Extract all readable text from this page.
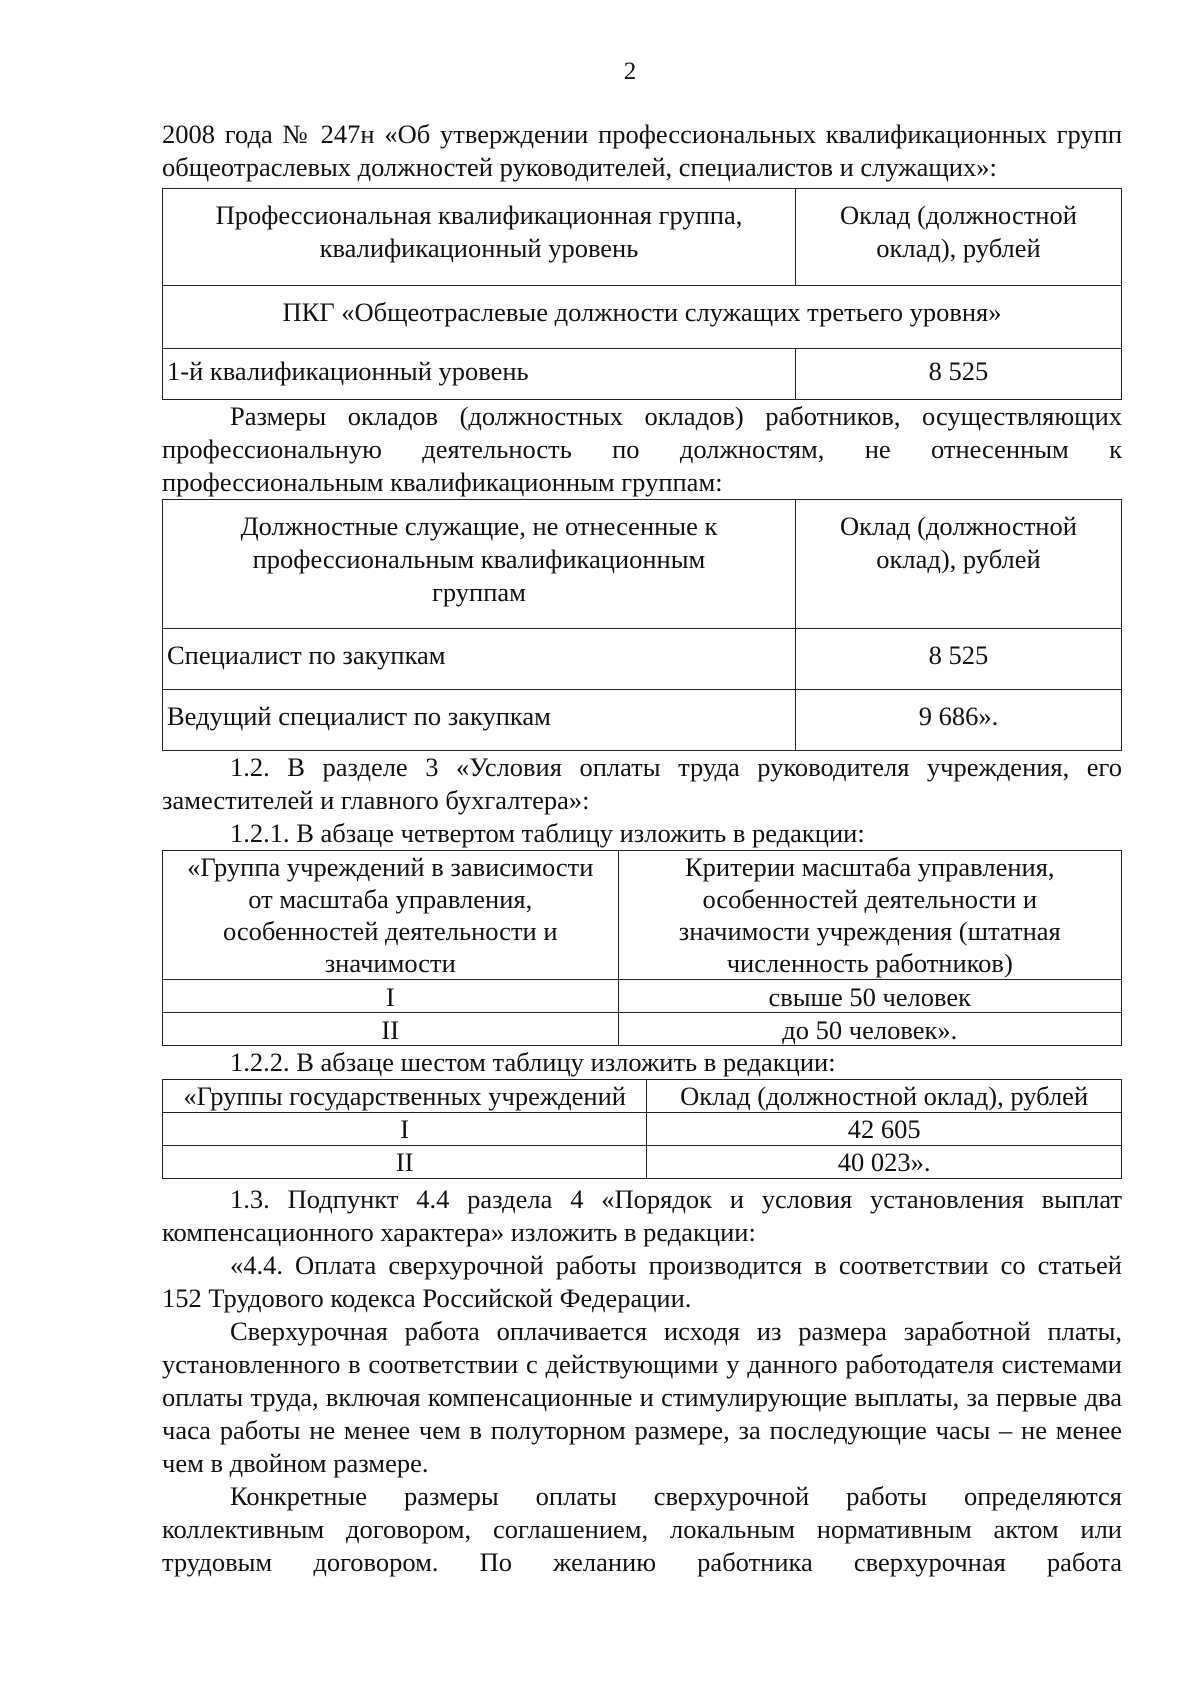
2

2008 года № 247н «Об утверждении профессиональных квалификационных групп общеотраслевых должностей руководителей, специалистов и служащих»:

Профессиональная квалификационная группа, квалификационный уровень	Оклад (должностной оклад), рублей
ПКГ «Общеотраслевые должности служащих третьего уровня»	
1-й квалификационный уровень	8 525

Размеры окладов (должностных окладов) работников, осуществляющих профессиональную деятельность по должностям, не отнесенным к профессиональным квалификационным группам:

Должностные служащие, не отнесенные к профессиональным квалификационным группам	Оклад (должностной оклад), рублей
Специалист по закупкам	8 525
Ведущий специалист по закупкам	9 686».

1.2. В разделе 3 «Условия оплаты труда руководителя учреждения, его заместителей и главного бухгалтера»:

1.2.1. В абзаце четвертом таблицу изложить в редакции:

«Группа учреждений в зависимости от масштаба управления, особенностей деятельности и значимости	Критерии масштаба управления, особенностей деятельности и значимости учреждения (штатная численность работников)
I	свыше 50 человек
II	до 50 человек».

1.2.2. В абзаце шестом таблицу изложить в редакции:

«Группы государственных учреждений	Оклад (должностной оклад), рублей
I	42 605
II	40 023».

1.3. Подпункт 4.4 раздела 4 «Порядок и условия установления выплат компенсационного характера» изложить в редакции:

«4.4. Оплата сверхурочной работы производится в соответствии со статьей 152 Трудового кодекса Российской Федерации.

Сверхурочная работа оплачивается исходя из размера заработной платы, установленного в соответствии с действующими у данного работодателя системами оплаты труда, включая компенсационные и стимулирующие выплаты, за первые два часа работы не менее чем в полуторном размере, за последующие часы – не менее чем в двойном размере.

Конкретные размеры оплаты сверхурочной работы определяются коллективным договором, соглашением, локальным нормативным актом или трудовым договором. По желанию работника сверхурочная работа
